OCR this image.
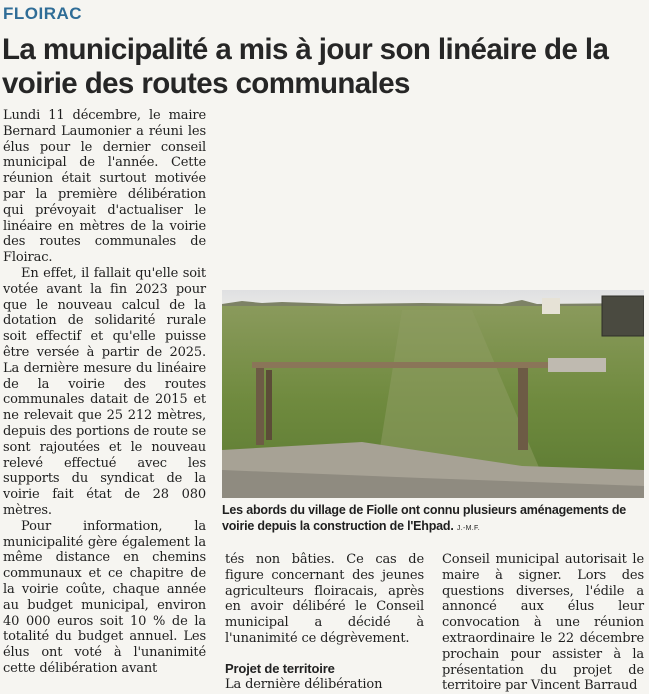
FLOIRAC
La municipalité a mis à jour son linéaire de la voirie des routes communales

Lundi 11 décembre, le maire Bernard Laumonier a réuni les élus pour le dernier conseil municipal de l'année. Cette réunion était surtout motivée par la première délibération qui prévoyait d'actualiser le linéaire en mètres de la voirie des routes communales de Floirac.

En effet, il fallait qu'elle soit votée avant la fin 2023 pour que le nouveau calcul de la dotation de solidarité rurale soit effectif et qu'elle puisse être versée à partir de 2025. La dernière mesure du linéaire de la voirie des routes communales datait de 2015 et ne relevait que 25 212 mètres, depuis des portions de route se sont rajoutées et le nouveau relevé effectué avec les supports du syndicat de la voirie fait état de 28 080 mètres.

Pour information, la municipalité gère également la même distance en chemins communaux et ce chapitre de la voirie coûte, chaque année au budget municipal, environ 40 000 euros soit 10 % de la totalité du budget annuel. Les élus ont voté à l'unanimité cette délibération avant

Les abords du village de Fiolle ont connu plusieurs aménagements de voirie depuis la construction de l'Ehpad. J.-M.F.

tés non bâties. Ce cas de figure concernant des jeunes agriculteurs floiracais, après en avoir délibéré le Conseil municipal a décidé à l'unanimité ce dégrèvement.

Projet de territoire

La dernière délibération

Conseil municipal autorisait le maire à signer. Lors des questions diverses, l'édile a annoncé aux élus leur convocation à une réunion extraordinaire le 22 décembre prochain pour assister à la présentation du projet de territoire par Vincent Barraud
